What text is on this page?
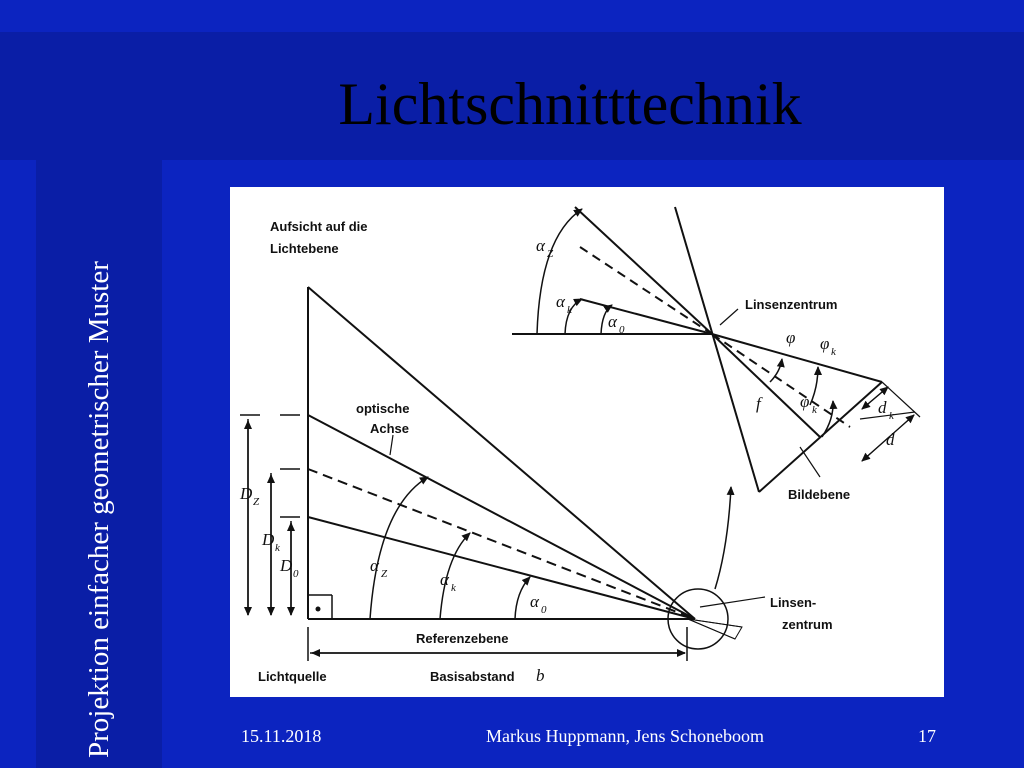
Lichtschnitttechnik
Projektion einfacher geometrischer Muster
Aufsicht auf die
Lichtebene
optische
Achse
Linsenzentrum
Linsen-
zentrum
Referenzebene
Basisabstand b
Lichtquelle
Bildebene
D Z
D k
D 0	α Z	α k
α 0
α Z
α k
α 0	φ φ k
φ k
f
d
d k
15.11.2018	Markus Huppmann, Jens Schoneboom	17
